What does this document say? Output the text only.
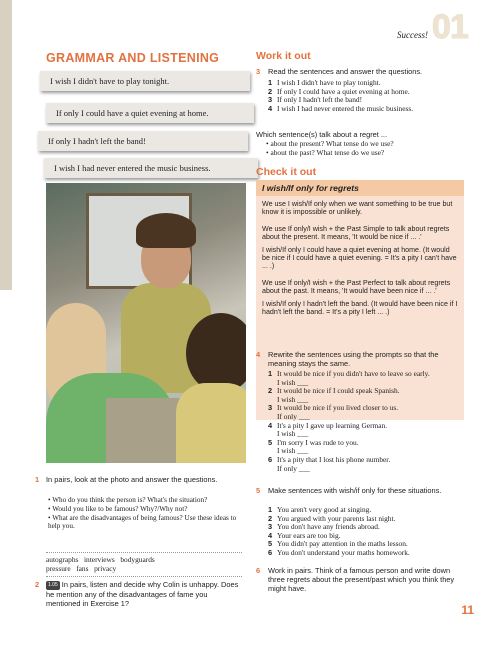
Success! 01
GRAMMAR AND LISTENING
I wish I didn't have to play tonight.
If only I could have a quiet evening at home.
If only I hadn't left the band!
I wish I had never entered the music business.
1 In pairs, look at the photo and answer the questions.
• Who do you think the person is? What's the situation?
• Would you like to be famous? Why?/Why not?
• What are the disadvantages of being famous? Use these ideas to help you.
autographs interviews bodyguards
pressure fans privacy
2	1.05 In pairs, listen and decide why Colin is unhappy. Does he mention any of the disadvantages of fame you mentioned in Exercise 1?
Work it out
3 Read the sentences and answer the questions.
1 I wish I didn't have to play tonight.
2 If only I could have a quiet evening at home.
3 If only I hadn't left the band!
4 I wish I had never entered the music business.
Which sentence(s) talk about a regret ...
• about the present? What tense do we use?
• about the past? What tense do we use?
Check it out
I wish/If only for regrets
We use I wish/If only when we want something to be true but know it is impossible or unlikely.
We use If only/I wish + the Past Simple to talk about regrets about the present. It means, 'It would be nice if ... .'
I wish/If only I could have a quiet evening at home. (It would be nice if I could have a quiet evening. = It's a pity I can't have ... .)
We use If only/I wish + the Past Perfect to talk about regrets about the past. It means, 'It would have been nice if ... .'
I wish/If only I hadn't left the band. (It would have been nice if I hadn't left the band. = It's a pity I left ... .)
4 Rewrite the sentences using the prompts so that the meaning stays the same.
1 It would be nice if you didn't have to leave so early.
I wish ___
2 It would be nice if I could speak Spanish.
I wish ___
3 It would be nice if you lived closer to us.
If only ___
4 It's a pity I gave up learning German.
I wish ___
5 I'm sorry I was rude to you.
I wish ___
6 It's a pity that I lost his phone number.
If only ___
5 Make sentences with wish/if only for these situations.
1 You aren't very good at singing.
2 You argued with your parents last night.
3 You don't have any friends abroad.
4 Your ears are too big.
5 You didn't pay attention in the maths lesson.
6 You don't understand your maths homework.
6 Work in pairs. Think of a famous person and write down three regrets about the present/past which you think they might have.
11
